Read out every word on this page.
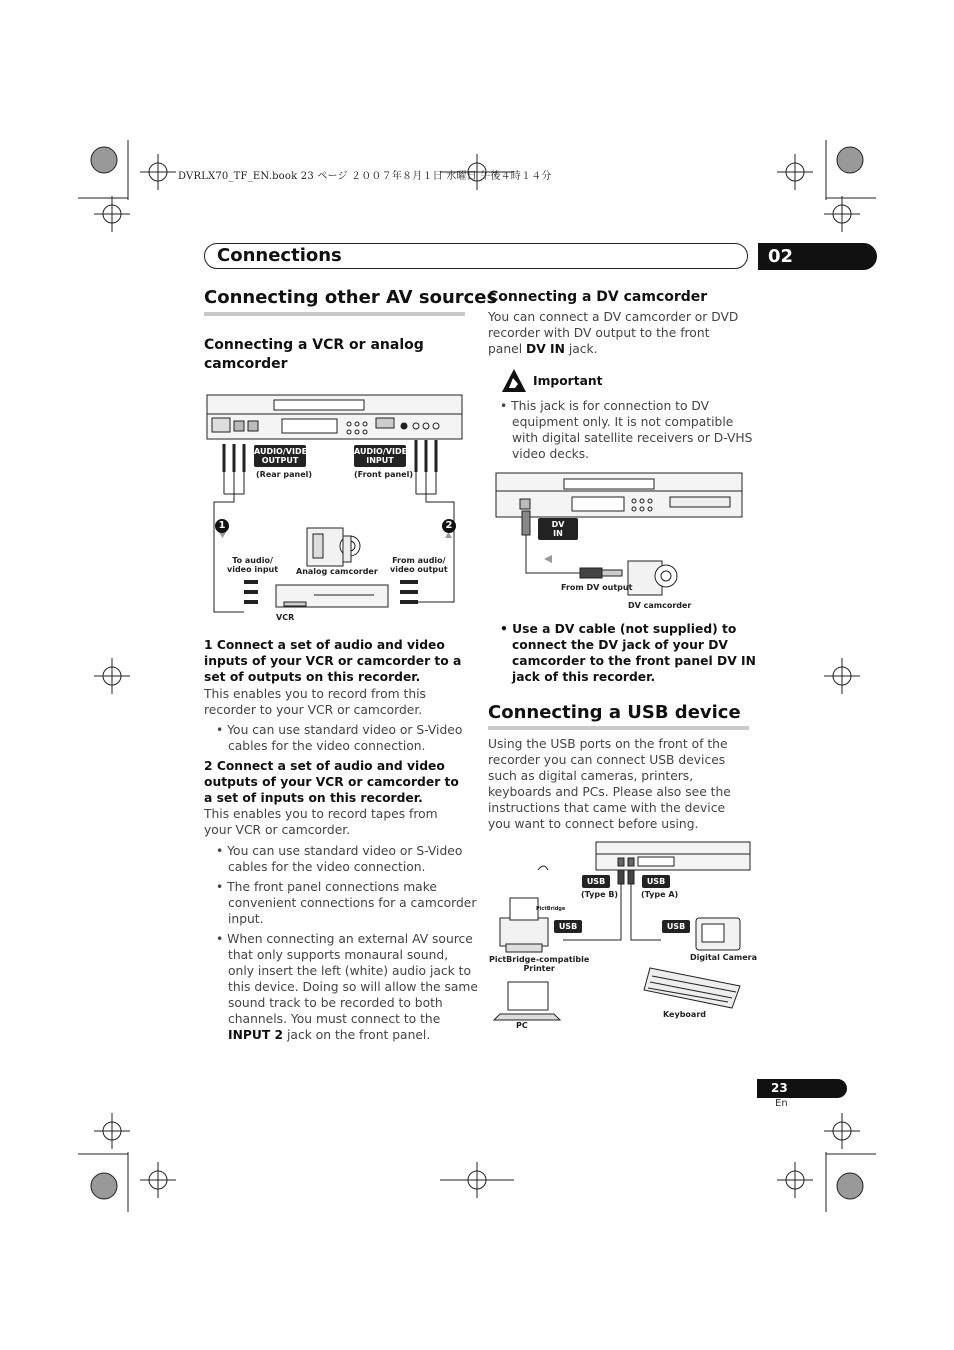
DVRLX70_TF_EN.book 23 ページ ２００７年８月１日 水曜日 午後４時１４分
Connections	02
Connecting other AV sources
Connecting a VCR or analog camcorder
AUDIO/VIDEO
OUTPUT
AUDIO/VIDEO
INPUT
(Rear panel)	(Front panel)
1	2
To audio/
video input Analog camcorder
From audio/
video output
VCR

1 Connect a set of audio and video inputs of your VCR or camcorder to a set of outputs on this recorder.

This enables you to record from this recorder to your VCR or camcorder.

• You can use standard video or S-Video cables for the video connection.

2 Connect a set of audio and video outputs of your VCR or camcorder to a set of inputs on this recorder.

This enables you to record tapes from your VCR or camcorder.

• You can use standard video or S-Video cables for the video connection.

• The front panel connections make convenient connections for a camcorder input.

• When connecting an external AV source that only supports monaural sound, only insert the left (white) audio jack to this device. Doing so will allow the same sound track to be recorded to both channels. You must connect to the INPUT 2 jack on the front panel.

Connecting a DV camcorder

You can connect a DV camcorder or DVD recorder with DV output to the front panel DV IN jack.

Important

• This jack is for connection to DV equipment only. It is not compatible with digital satellite receivers or D-VHS video decks.

DV
IN
From DV output
DV camcorder

• Use a DV cable (not supplied) to connect the DV jack of your DV camcorder to the front panel DV IN jack of this recorder.

Connecting a USB device

Using the USB ports on the front of the recorder you can connect USB devices such as digital cameras, printers, keyboards and PCs. Please also see the instructions that came with the device you want to connect before using.

USB	USB
(Type B)	(Type A)
PictBridge
USB	USB
PictBridge-compatible
Printer
Digital Camera
Keyboard
PC
23
En
